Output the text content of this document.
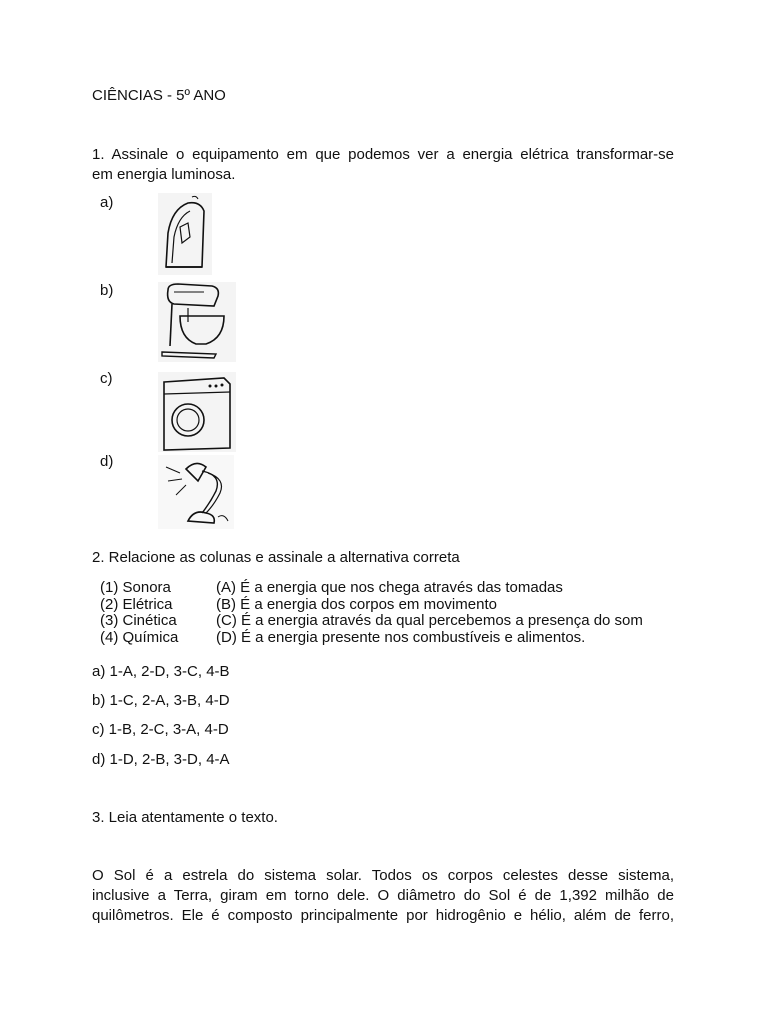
CIÊNCIAS - 5º ANO
1. Assinale o equipamento em que podemos ver a energia elétrica transformar-se
em energia luminosa.
a)
b)
c)
d)
2. Relacione as colunas e assinale a alternativa correta
(1) Sonora	(A) É a energia que nos chega através das tomadas
(2) Elétrica	(B) É a energia dos corpos em movimento
(3) Cinética	(C) É a energia através da qual percebemos a presença do som
(4) Química	(D) É a energia presente nos combustíveis e alimentos.
a) 1-A, 2-D, 3-C, 4-B
b) 1-C, 2-A, 3-B, 4-D
c) 1-B, 2-C, 3-A, 4-D
d) 1-D, 2-B, 3-D, 4-A
3. Leia atentamente o texto.
O Sol é a estrela do sistema solar. Todos os corpos celestes desse sistema,
inclusive a Terra, giram em torno dele. O diâmetro do Sol é de 1,392 milhão de
quilômetros. Ele é composto principalmente por hidrogênio e hélio, além de ferro,
